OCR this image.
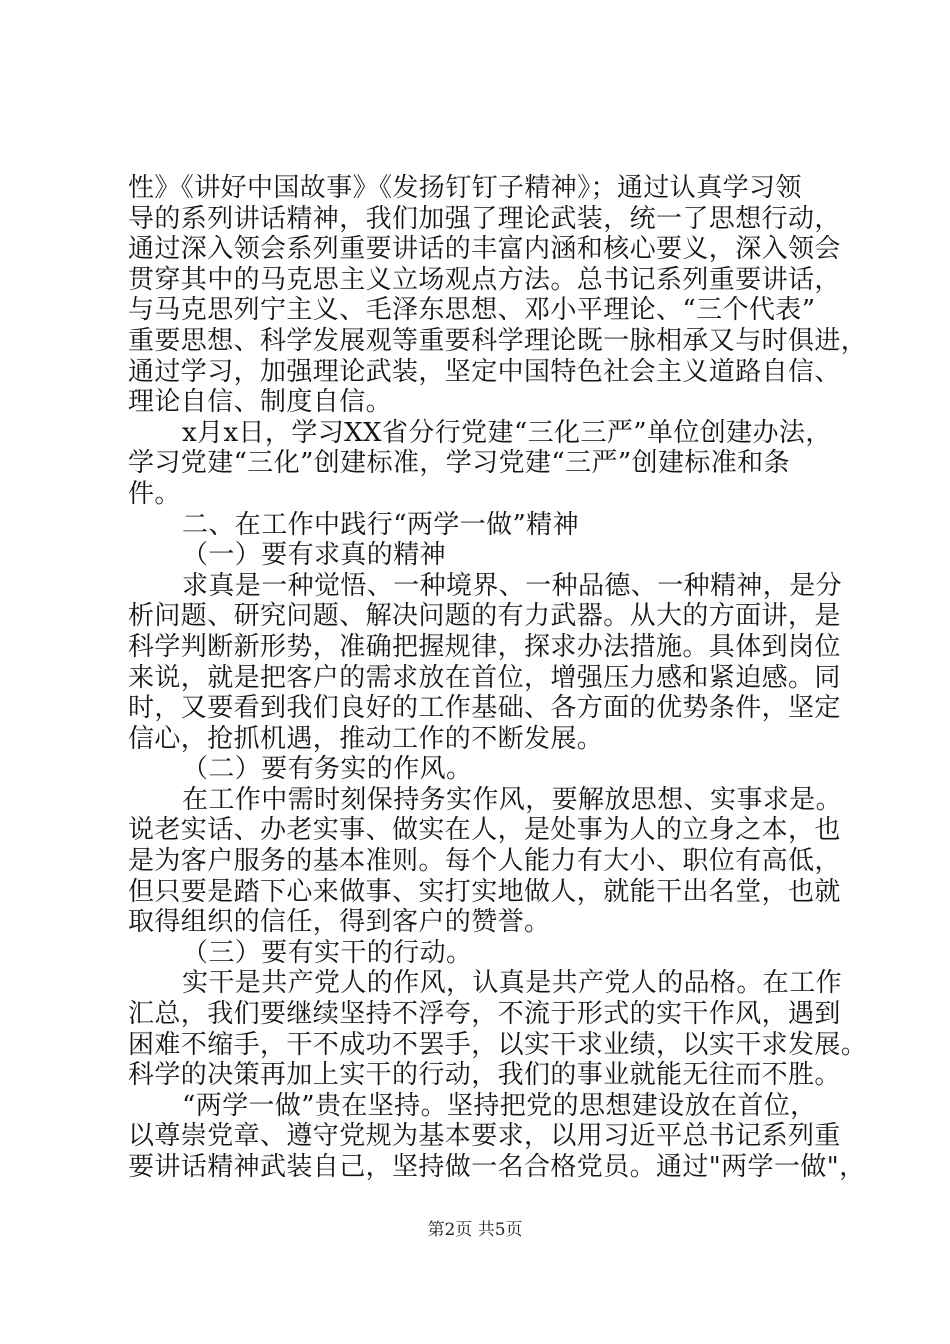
性》《讲好中国故事》《发扬钉钉子精神》；通过认真学习领
导的系列讲话精神，我们加强了理论武装，统一了思想行动，
通过深入领会系列重要讲话的丰富内涵和核心要义，深入领会
贯穿其中的马克思主义立场观点方法。总书记系列重要讲话，
与马克思列宁主义、毛泽东思想、邓小平理论、“三个代表”
重要思想、科学发展观等重要科学理论既一脉相承又与时俱进，
通过学习，加强理论武装，坚定中国特色社会主义道路自信、
理论自信、制度自信。
x月x日，学习XX省分行党建“三化三严”单位创建办法，
学习党建“三化”创建标准，学习党建“三严”创建标准和条
件。
二、在工作中践行“两学一做”精神
（一）要有求真的精神
求真是一种觉悟、一种境界、一种品德、一种精神，是分
析问题、研究问题、解决问题的有力武器。从大的方面讲，是
科学判断新形势，准确把握规律，探求办法措施。具体到岗位
来说，就是把客户的需求放在首位，增强压力感和紧迫感。同
时，又要看到我们良好的工作基础、各方面的优势条件，坚定
信心，抢抓机遇，推动工作的不断发展。
（二）要有务实的作风。
在工作中需时刻保持务实作风，要解放思想、实事求是。
说老实话、办老实事、做实在人，是处事为人的立身之本，也
是为客户服务的基本准则。每个人能力有大小、职位有高低，
但只要是踏下心来做事、实打实地做人，就能干出名堂，也就
取得组织的信任，得到客户的赞誉。
（三）要有实干的行动。
实干是共产党人的作风，认真是共产党人的品格。在工作
汇总，我们要继续坚持不浮夸，不流于形式的实干作风，遇到
困难不缩手，干不成功不罢手，以实干求业绩，以实干求发展。
科学的决策再加上实干的行动，我们的事业就能无往而不胜。
“两学一做”贵在坚持。坚持把党的思想建设放在首位，
以尊崇党章、遵守党规为基本要求，以用习近平总书记系列重
要讲话精神武装自己，坚持做一名合格党员。通过"两学一做"，
第2页 共5页
